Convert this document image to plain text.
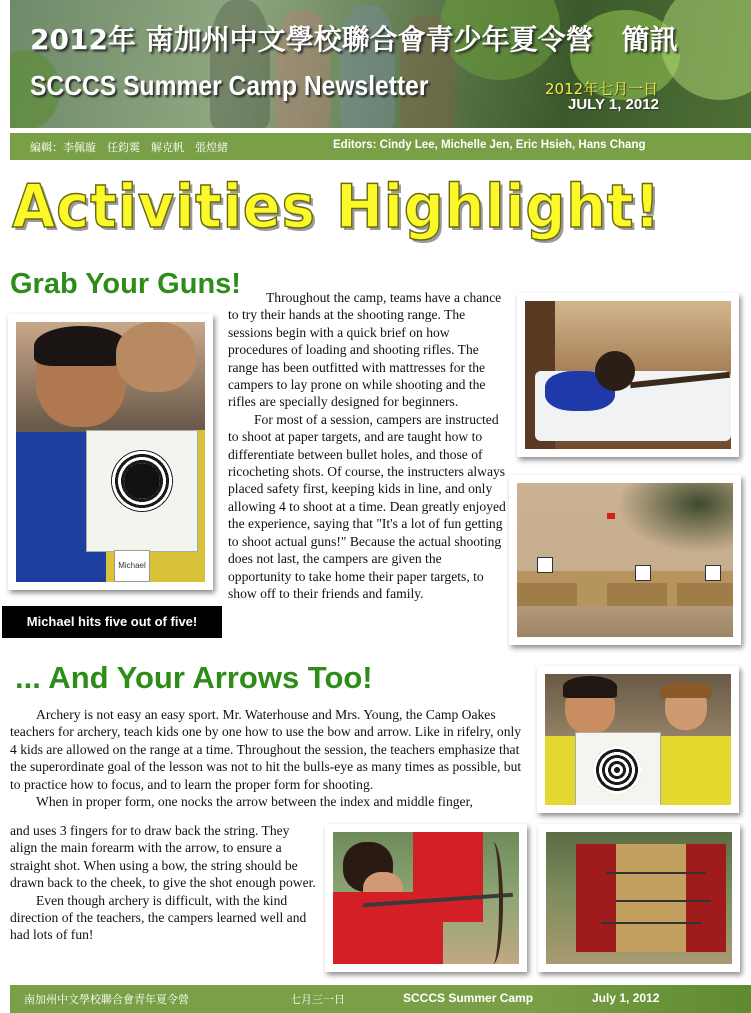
2012年 南加州中文學校聯合會青少年夏令營　簡訊
SCCCS Summer Camp Newsletter	2012年七月一日
JULY 1, 2012
編輯：李佩璇　任鈞霙　解克帆　張煌緒	Editors: Cindy Lee, Michelle Jen, Eric Hsieh, Hans Chang
Activities Highlight!
Grab Your Guns!	Throughout the camp, teams have a chance to try their hands at the shooting range. The sessions begin with a quick brief on how procedures of loading and shooting rifles. The range has been outfitted with mattresses for the campers to lay prone on while shooting and the rifles are specially designed for beginners.

For most of a session, campers are instructed to shoot at paper targets, and are taught how to differentiate between bullet holes, and those of ricocheting shots. Of course, the instructers always placed safety first, keeping kids in line, and only allowing 4 to shoot at a time. Dean greatly enjoyed the experience, saying that "It's a lot of fun getting to shoot actual guns!" Because the actual shooting does not last, the campers are given the opportunity to take home their paper targets, to show off to their friends and family.

Michael
Michael hits five out of five!
... And Your Arrows Too!

Archery is not easy an easy sport. Mr. Waterhouse and Mrs. Young, the Camp Oakes teachers for archery, teach kids one by one how to use the bow and arrow. Like in rifelry, only 4 kids are allowed on the range at a time. Throughout the session, the teachers emphasize that the superordinate goal of the lesson was not to hit the bulls-eye as many times as possible, but to practice how to focus, and to learn the proper form for shooting.

When in proper form, one nocks the arrow between the index and middle finger,

and uses 3 fingers for to draw back the string. They align the main forearm with the arrow, to ensure a straight shot. When using a bow, the string should be drawn back to the cheek, to give the shot enough power.

Even though archery is difficult, with the kind direction of the teachers, the campers learned well and had lots of fun!

南加州中文學校聯合會青年夏令營	七月三一日	SCCCS Summer Camp	July 1, 2012
